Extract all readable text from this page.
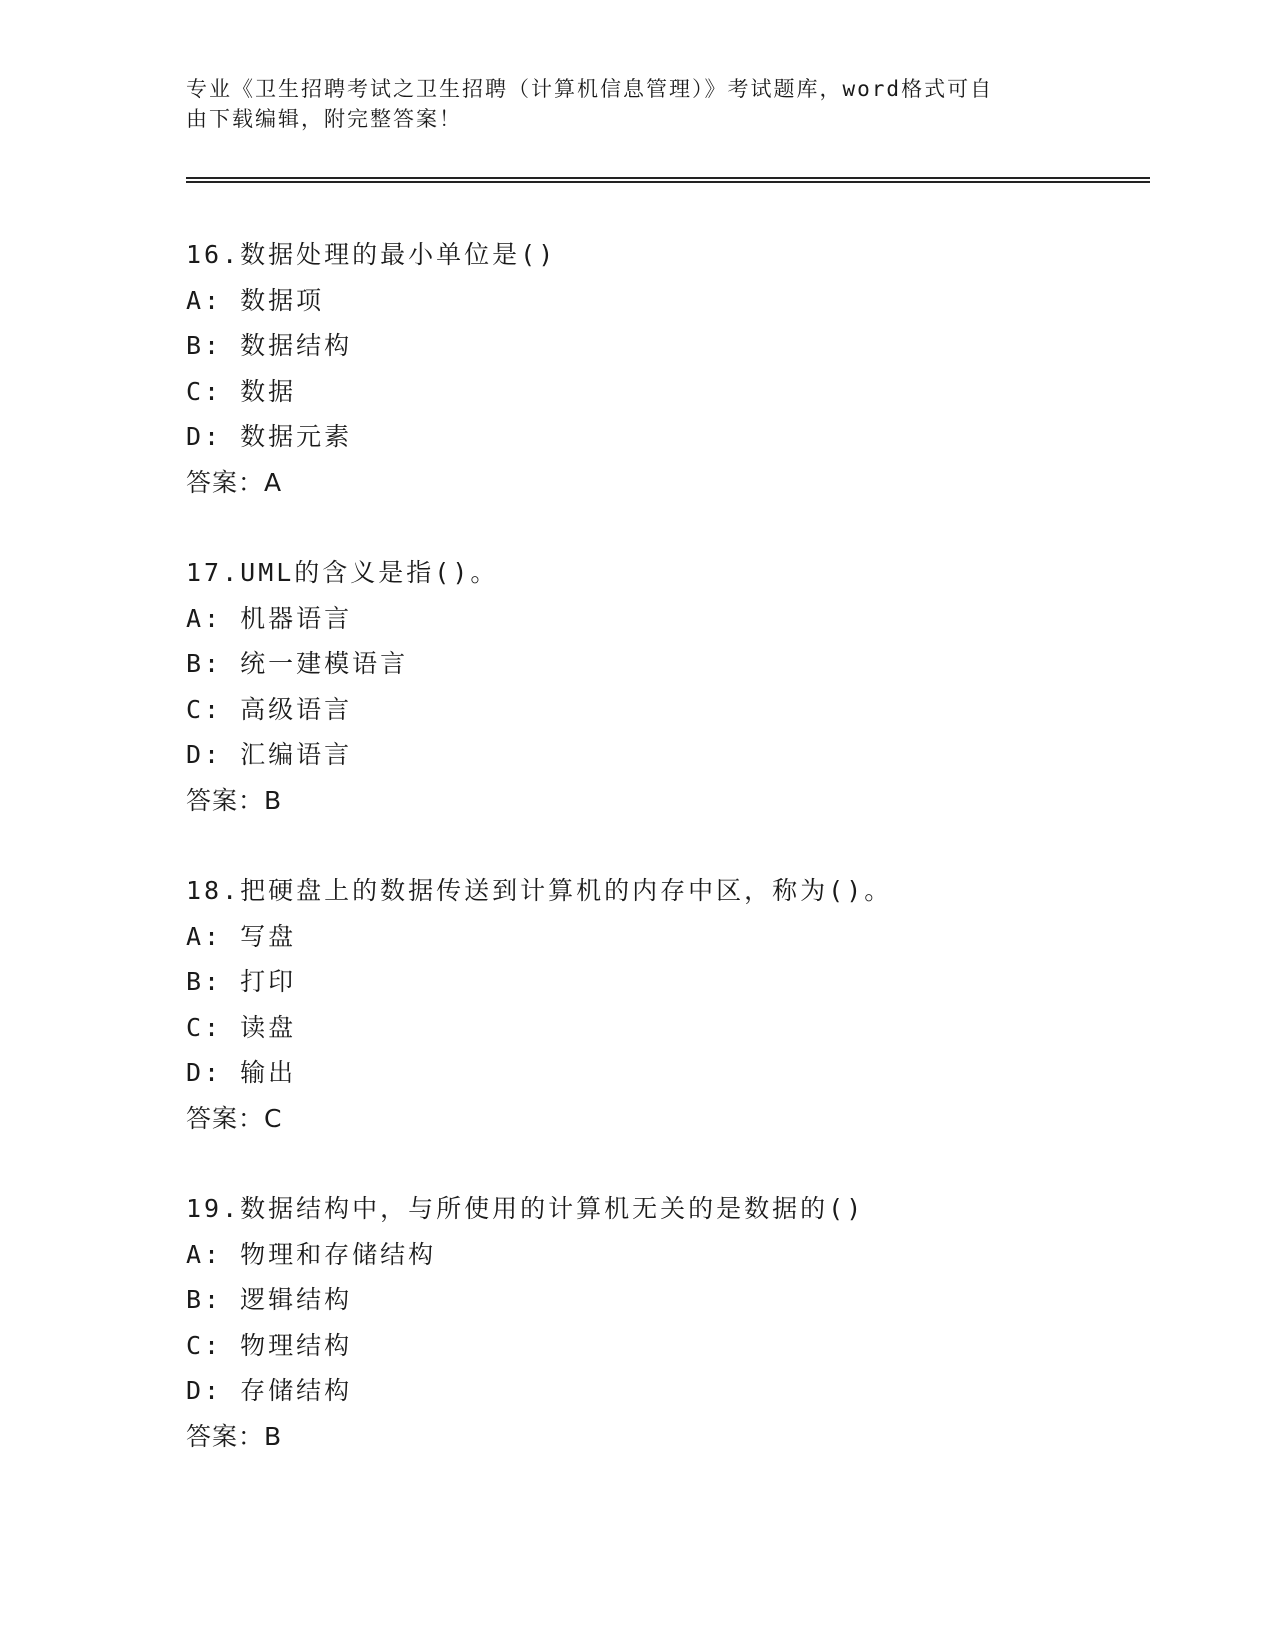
专业《卫生招聘考试之卫生招聘（计算机信息管理）》考试题库，word格式可自
由下载编辑，附完整答案！
16.数据处理的最小单位是()
A: 数据项
B: 数据结构
C: 数据
D: 数据元素
答案：A
17.UML的含义是指()。
A: 机器语言
B: 统一建模语言
C: 高级语言
D: 汇编语言
答案：B
18.把硬盘上的数据传送到计算机的内存中区，称为()。
A: 写盘
B: 打印
C: 读盘
D: 输出
答案：C
19.数据结构中，与所使用的计算机无关的是数据的()
A: 物理和存储结构
B: 逻辑结构
C: 物理结构
D: 存储结构
答案：B
